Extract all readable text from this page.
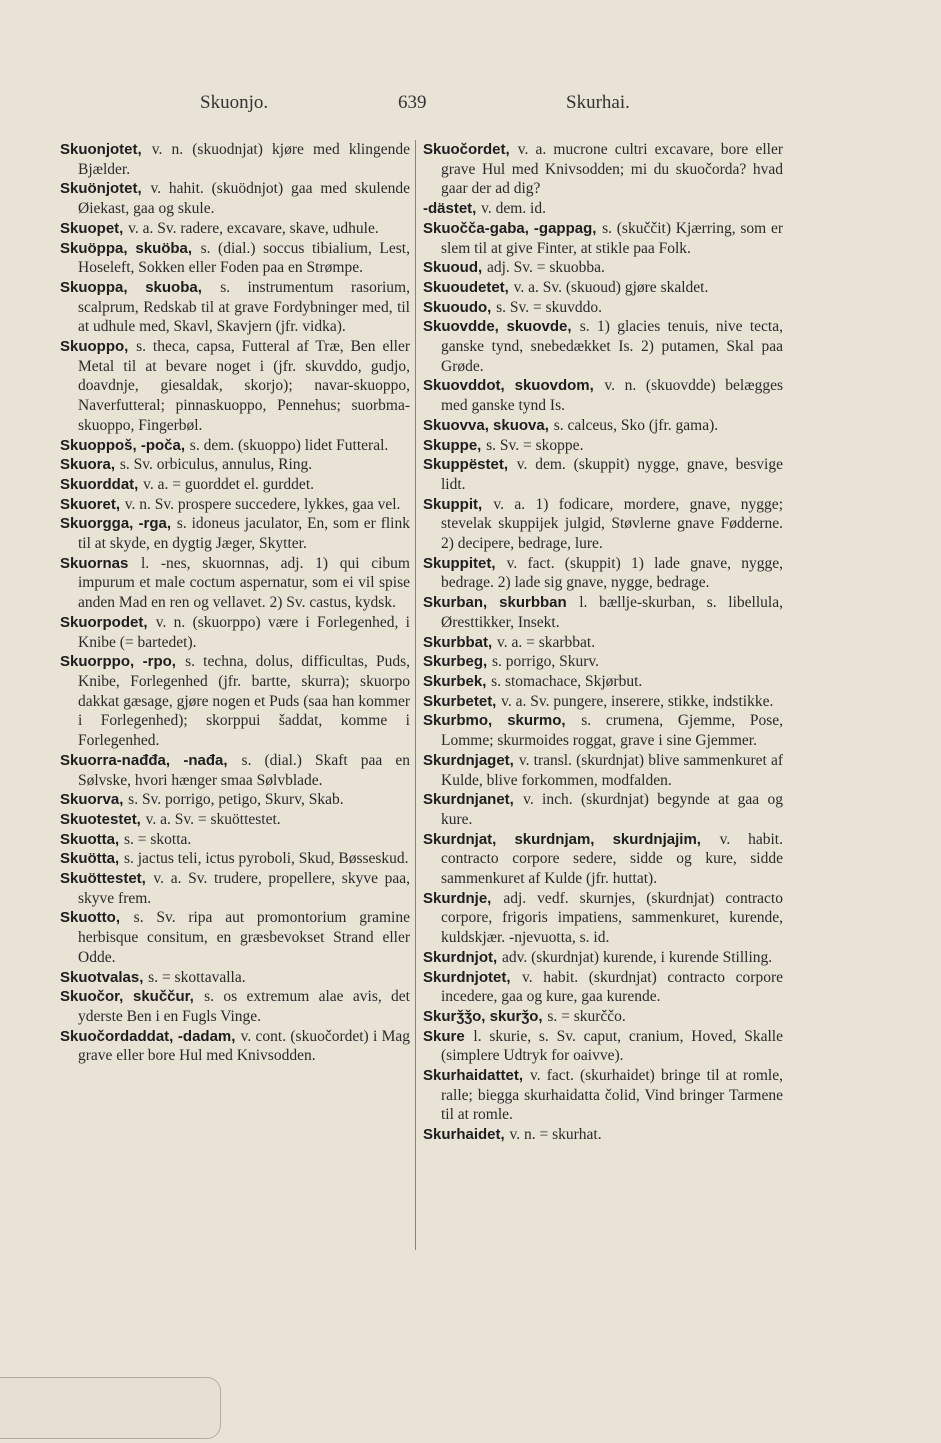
Skuonjo.	639	Skurhai.
Skuonjotet, v. n. (skuodnjat) kjøre med klingende Bjælder.
Skuönjotet, v. hahit. (skuödnjot) gaa med skulende Øiekast, gaa og skule.
Skuopet, v. a. Sv. radere, excavare, skave, udhule.
Skuöppa, skuöba, s. (dial.) soccus tibialium, Lest, Hoseleft, Sokken eller Foden paa en Strømpe.
Skuoppa, skuoba, s. instrumentum rasorium, scalprum, Redskab til at grave Fordybninger med, til at udhule med, Skavl, Skavjern (jfr. vidka).
Skuoppo, s. theca, capsa, Futteral af Træ, Ben eller Metal til at bevare noget i (jfr. skuvddo, gudjo, doavdnje, giesaldak, skorjo); navar-skuoppo, Naverfutteral; pinnaskuoppo, Pennehus; suorbma-skuoppo, Fingerbøl.
Skuoppoš, -poča, s. dem. (skuoppo) lidet Futteral.
Skuora, s. Sv. orbiculus, annulus, Ring.
Skuorddat, v. a. = guorddet el. gurddet.
Skuoret, v. n. Sv. prospere succedere, lykkes, gaa vel.
Skuorgga, -rga, s. idoneus jaculator, En, som er flink til at skyde, en dygtig Jæger, Skytter.
Skuornas l. -nes, skuornnas, adj. 1) qui cibum impurum et male coctum aspernatur, som ei vil spise anden Mad en ren og vellavet. 2) Sv. castus, kydsk.
Skuorpodet, v. n. (skuorppo) være i Forlegenhed, i Knibe (= bartedet).
Skuorppo, -rpo, s. techna, dolus, difficultas, Puds, Knibe, Forlegenhed (jfr. bartte, skurra); skuorpo dakkat gæsage, gjøre nogen et Puds (saa han kommer i Forlegenhed); skorppui šaddat, komme i Forlegenhed.
Skuorra-nađđa, -nađa, s. (dial.) Skaft paa en Sølvske, hvori hænger smaa Sølvblade.
Skuorva, s. Sv. porrigo, petigo, Skurv, Skab.
Skuotestet, v. a. Sv. = skuöttestet.
Skuotta, s. = skotta.
Skuötta, s. jactus teli, ictus pyroboli, Skud, Bøsseskud.
Skuöttestet, v. a. Sv. trudere, propellere, skyve paa, skyve frem.
Skuotto, s. Sv. ripa aut promontorium gramine herbisque consitum, en græsbevokset Strand eller Odde.
Skuotvalas, s. = skottavalla.
Skuočor, skuččur, s. os extremum alae avis, det yderste Ben i en Fugls Vinge.
Skuočordaddat, -dadam, v. cont. (skuočordet) i Mag grave eller bore Hul med Knivsodden.
Skuočordet, v. a. mucrone cultri excavare, bore eller grave Hul med Knivsodden; mi du skuočorda? hvad gaar der ad dig?
-dästet, v. dem. id.
Skuočča-gaba, -gappag, s. (skuččit) Kjærring, som er slem til at give Finter, at stikle paa Folk.
Skuoud, adj. Sv. = skuobba.
Skuoudetet, v. a. Sv. (skuoud) gjøre skaldet.
Skuoudo, s. Sv. = skuvddo.
Skuovdde, skuovde, s. 1) glacies tenuis, nive tecta, ganske tynd, snebedækket Is. 2) putamen, Skal paa Grøde.
Skuovddot, skuovdom, v. n. (skuovdde) belægges med ganske tynd Is.
Skuovva, skuova, s. calceus, Sko (jfr. gama).
Skuppe, s. Sv. = skoppe.
Skuppëstet, v. dem. (skuppit) nygge, gnave, besvige lidt.
Skuppit, v. a. 1) fodicare, mordere, gnave, nygge; stevelak skuppijek julgid, Støvlerne gnave Fødderne. 2) decipere, bedrage, lure.
Skuppitet, v. fact. (skuppit) 1) lade gnave, nygge, bedrage. 2) lade sig gnave, nygge, bedrage.
Skurban, skurbban l. bællje-skurban, s. libellula, Øresttikker, Insekt.
Skurbbat, v. a. = skarbbat.
Skurbeg, s. porrigo, Skurv.
Skurbek, s. stomachace, Skjørbut.
Skurbetet, v. a. Sv. pungere, inserere, stikke, indstikke.
Skurbmo, skurmo, s. crumena, Gjemme, Pose, Lomme; skurmoides roggat, grave i sine Gjemmer.
Skurdnjaget, v. transl. (skurdnjat) blive sammenkuret af Kulde, blive forkommen, modfalden.
Skurdnjanet, v. inch. (skurdnjat) begynde at gaa og kure.
Skurdnjat, skurdnjam, skurdnjajim, v. habit. contracto corpore sedere, sidde og kure, sidde sammenkuret af Kulde (jfr. huttat).
Skurdnje, adj. vedf. skurnjes, (skurdnjat) contracto corpore, frigoris impatiens, sammenkuret, kurende, kuldskjær. -njevuotta, s. id.
Skurdnjot, adv. (skurdnjat) kurende, i kurende Stilling.
Skurdnjotet, v. habit. (skurdnjat) contracto corpore incedere, gaa og kure, gaa kurende.
Skurǯǯo, skurǯo, s. = skurččo.
Skure l. skurie, s. Sv. caput, cranium, Hoved, Skalle (simplere Udtryk for oaivve).
Skurhaidattet, v. fact. (skurhaidet) bringe til at romle, ralle; biegga skurhaidatta čolid, Vind bringer Tarmene til at romle.
Skurhaidet, v. n. = skurhat.
